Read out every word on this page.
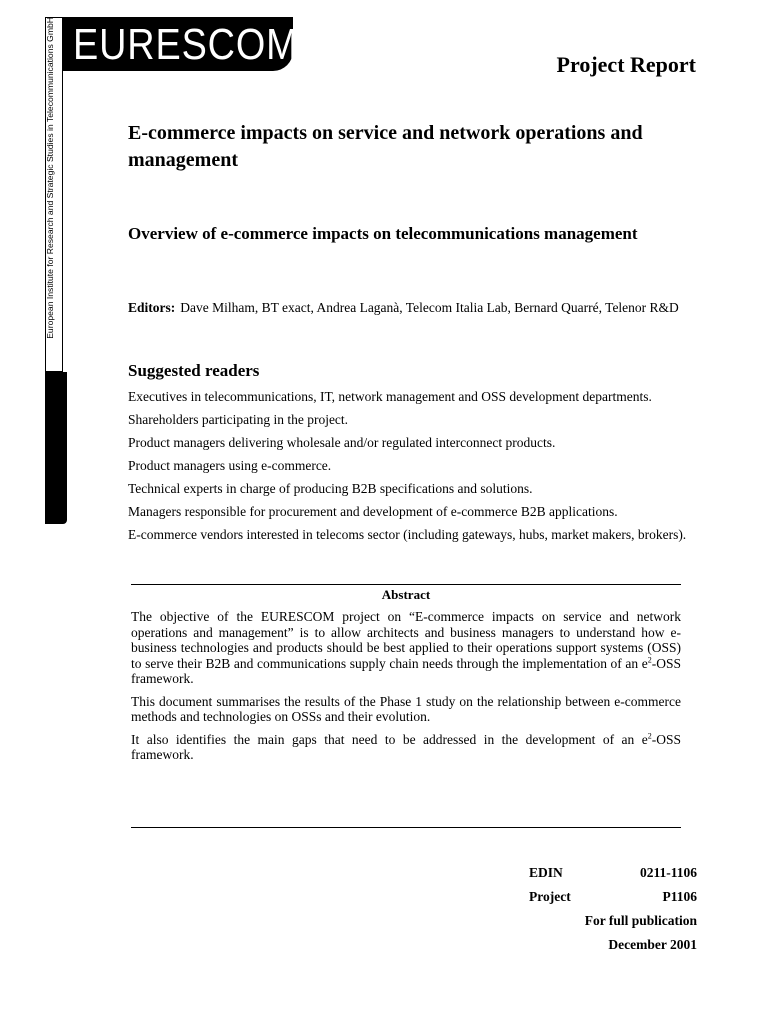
European Institute for Research and Strategic Studies in Telecommunications GmbH EURESCOM	Project Report
E-commerce impacts on service and network operations and management
Overview of e-commerce impacts on telecommunications management
Editors: Dave Milham, BT exact, Andrea Laganà, Telecom Italia Lab, Bernard Quarré, Telenor R&D
Suggested readers

Executives in telecommunications, IT, network management and OSS development departments.

Shareholders participating in the project.

Product managers delivering wholesale and/or regulated interconnect products.

Product managers using e-commerce.

Technical experts in charge of producing B2B specifications and solutions.

Managers responsible for procurement and development of e-commerce B2B applications.

E-commerce vendors interested in telecoms sector (including gateways, hubs, market makers, brokers).

Abstract

The objective of the EURESCOM project on “E-commerce impacts on service and network operations and management” is to allow architects and business managers to understand how e-business technologies and products should be best applied to their operations support systems (OSS) to serve their B2B and communications supply chain needs through the implementation of an $e^2$-OSS framework.

This document summarises the results of the Phase 1 study on the relationship between e-commerce methods and technologies on OSSs and their evolution.

It also identifies the main gaps that need to be addressed in the development of an $e^2$-OSS framework.

EDIN	0211-1106
Project	P1106
For full publication
December 2001
